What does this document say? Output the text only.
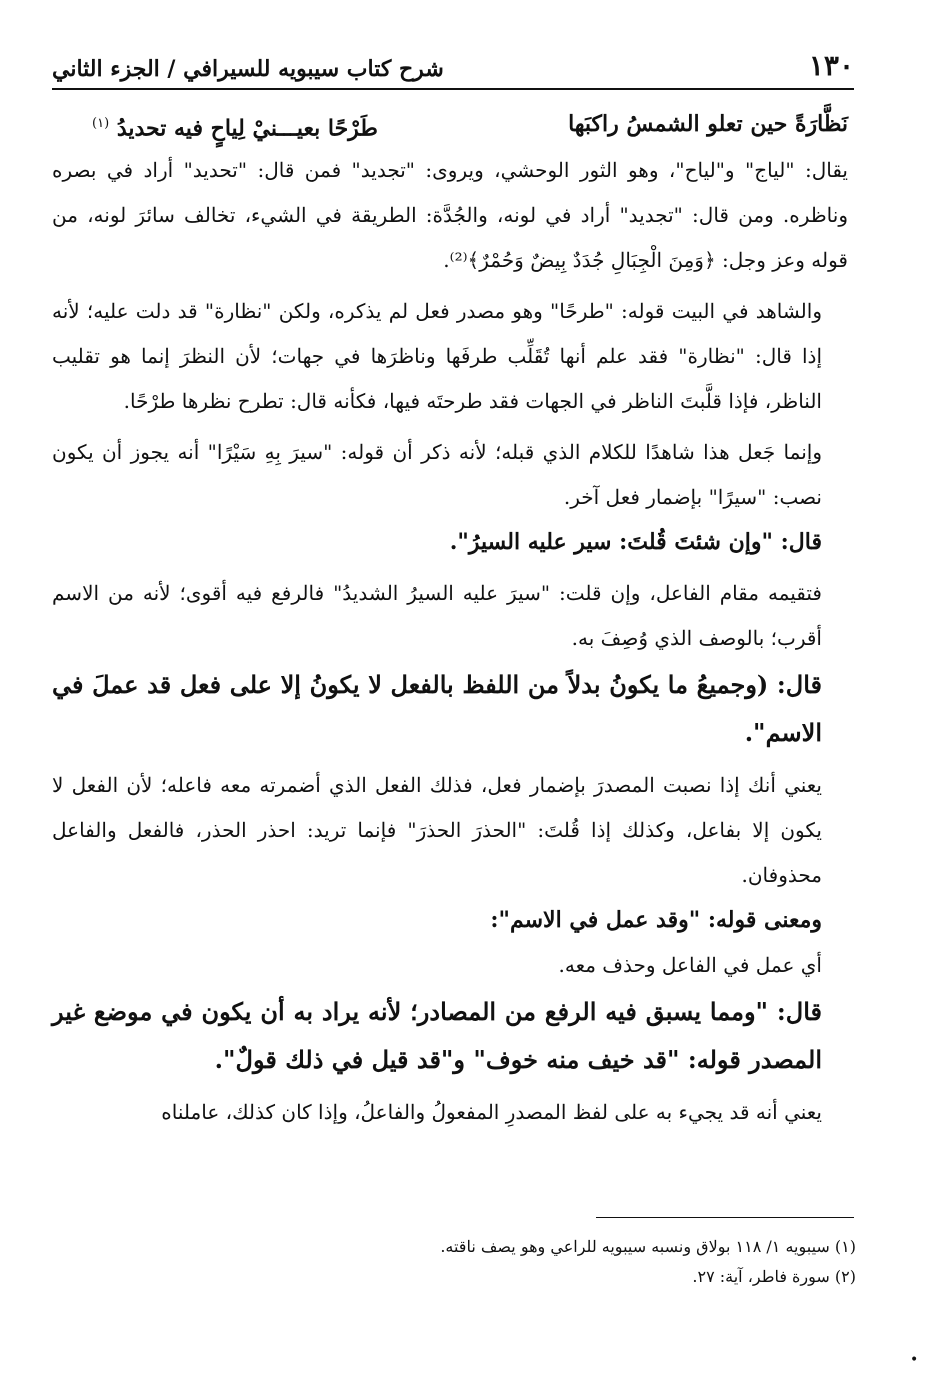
١٣٠
شرح كتاب سيبويه للسيرافي / الجزء الثاني
نَظَّارَةً حين تعلو الشمسُ راكبَها
طَرْحًا بعيـــنيْ لِياحٍ فيه تحديدُ $^{(١)}$

يقال: "لياج" و"لياح"، وهو الثور الوحشي، ويروى: "تجديد" فمن قال: "تحديد" أراد في بصره وناظره. ومن قال: "تجديد" أراد في لونه، والجُدَّة: الطريقة في الشيء، تخالف سائرَ لونه، من قوله وعز وجل: ﴿وَمِنَ الْجِبَالِ جُدَدٌ بِيضٌ وَحُمْرٌ﴾⁽²⁾.

والشاهد في البيت قوله: "طرحًا" وهو مصدر فعل لم يذكره، ولكن "نظارة" قد دلت عليه؛ لأنه إذا قال: "نظارة" فقد علم أنها تُقَلِّب طرفَها وناظرَها في جهات؛ لأن النظرَ إنما هو تقليب الناظر، فإذا قلَّبتَ الناظر في الجهات فقد طرحتَه فيها، فكأنه قال: تطرح نظرها طرْحًا.

وإنما جَعل هذا شاهدًا للكلام الذي قبله؛ لأنه ذكر أن قوله: "سيرَ بِهِ سَيْرًا" أنه يجوز أن يكون نصب: "سيرًا" بإضمار فعل آخر.

قال: "وإن شئتَ قُلتَ: سير عليه السيرُ".

فتقيمه مقام الفاعل، وإن قلت: "سيرَ عليه السيرُ الشديدُ" فالرفع فيه أقوى؛ لأنه من الاسم أقرب؛ بالوصف الذي وُصِفَ به.

قال: (وجميعُ ما يكونُ بدلاً من اللفظ بالفعل لا يكونُ إلا على فعل قد عملَ في الاسم".

يعني أنك إذا نصبت المصدرَ بإضمار فعل، فذلك الفعل الذي أضمرته معه فاعله؛ لأن الفعل لا يكون إلا بفاعل، وكذلك إذا قُلتَ: "الحذرَ الحذرَ" فإنما تريد: احذر الحذر، فالفعل والفاعل محذوفان.

ومعنى قوله: "وقد عمل في الاسم":

أي عمل في الفاعل وحذف معه.

قال: "ومما يسبق فيه الرفع من المصادر؛ لأنه يراد به أن يكون في موضع غير المصدر قوله: "قد خيف منه خوف" و"قد قيل في ذلك قولٌ".

يعني أنه قد يجيء به على لفظ المصدرِ المفعولُ والفاعلُ، وإذا كان كذلك، عاملناه

(١) سيبويه ١/ ١١٨ بولاق ونسبه سيبويه للراعي وهو يصف ناقته.
(٢) سورة فاطر، آية: ٢٧.
•
